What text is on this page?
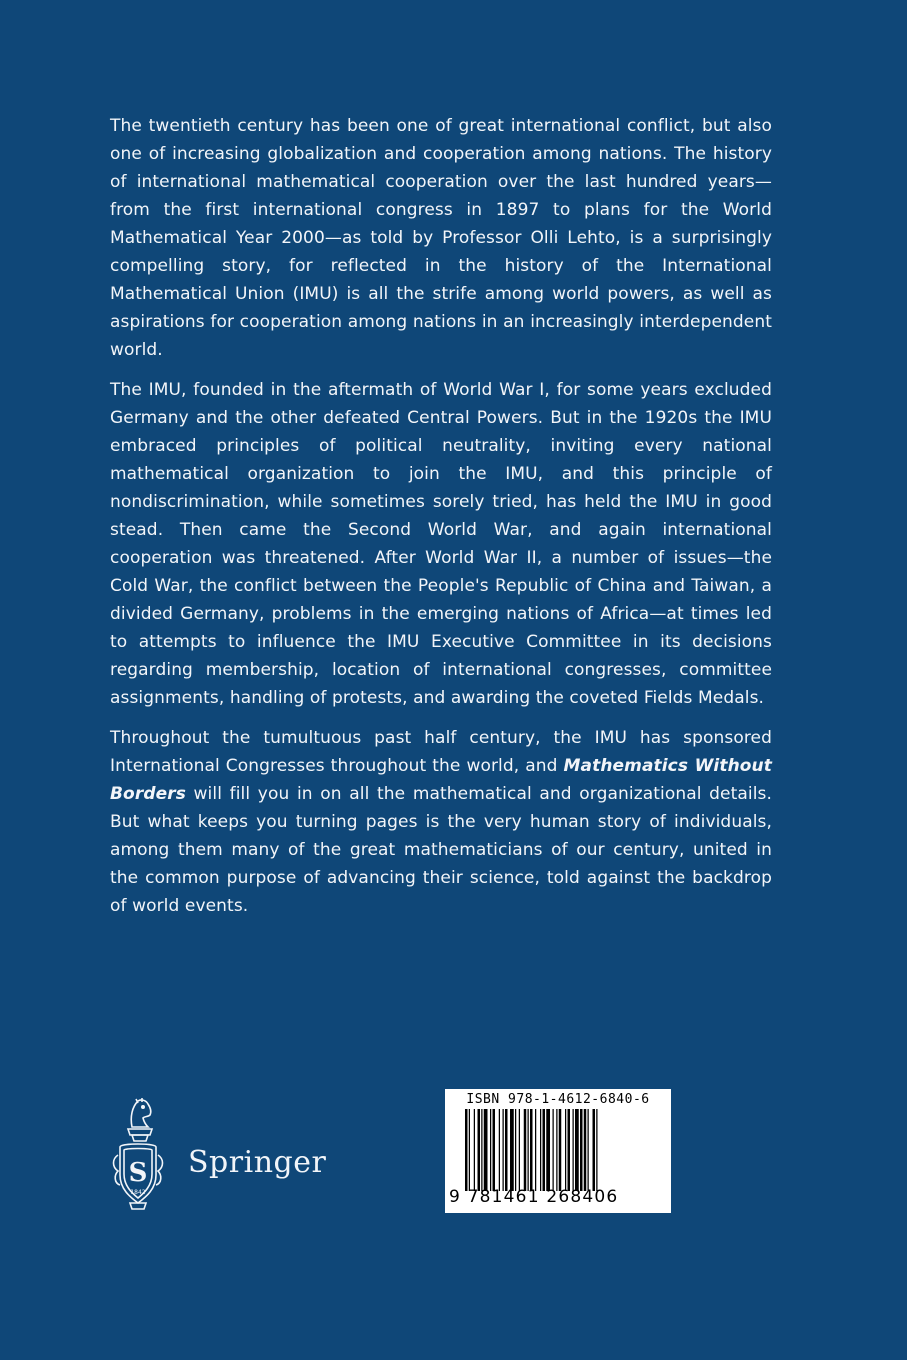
The twentieth century has been one of great international conflict, but also one of increasing globalization and cooperation among nations. The history of international mathematical cooperation over the last hundred years—from the first international congress in 1897 to plans for the World Mathematical Year 2000—as told by Professor Olli Lehto, is a surprisingly compelling story, for reflected in the history of the International Mathematical Union (IMU) is all the strife among world powers, as well as aspirations for cooperation among nations in an increasingly interdependent world.

The IMU, founded in the aftermath of World War I, for some years excluded Germany and the other defeated Central Powers. But in the 1920s the IMU embraced principles of political neutrality, inviting every national mathematical organization to join the IMU, and this principle of nondiscrimination, while sometimes sorely tried, has held the IMU in good stead. Then came the Second World War, and again international cooperation was threatened. After World War II, a number of issues—the Cold War, the conflict between the People's Republic of China and Taiwan, a divided Germany, problems in the emerging nations of Africa—at times led to attempts to influence the IMU Executive Committee in its decisions regarding membership, location of international congresses, committee assignments, handling of protests, and awarding the coveted Fields Medals.

Throughout the tumultuous past half century, the IMU has sponsored International Congresses throughout the world, and Mathematics Without Borders will fill you in on all the mathematical and organizational details. But what keeps you turning pages is the very human story of individuals, among them many of the great mathematicians of our century, united in the common purpose of advancing their science, told against the backdrop of world events.

S
1842
Springer
ISBN 978-1-4612-6840-6
9 781461 268406
